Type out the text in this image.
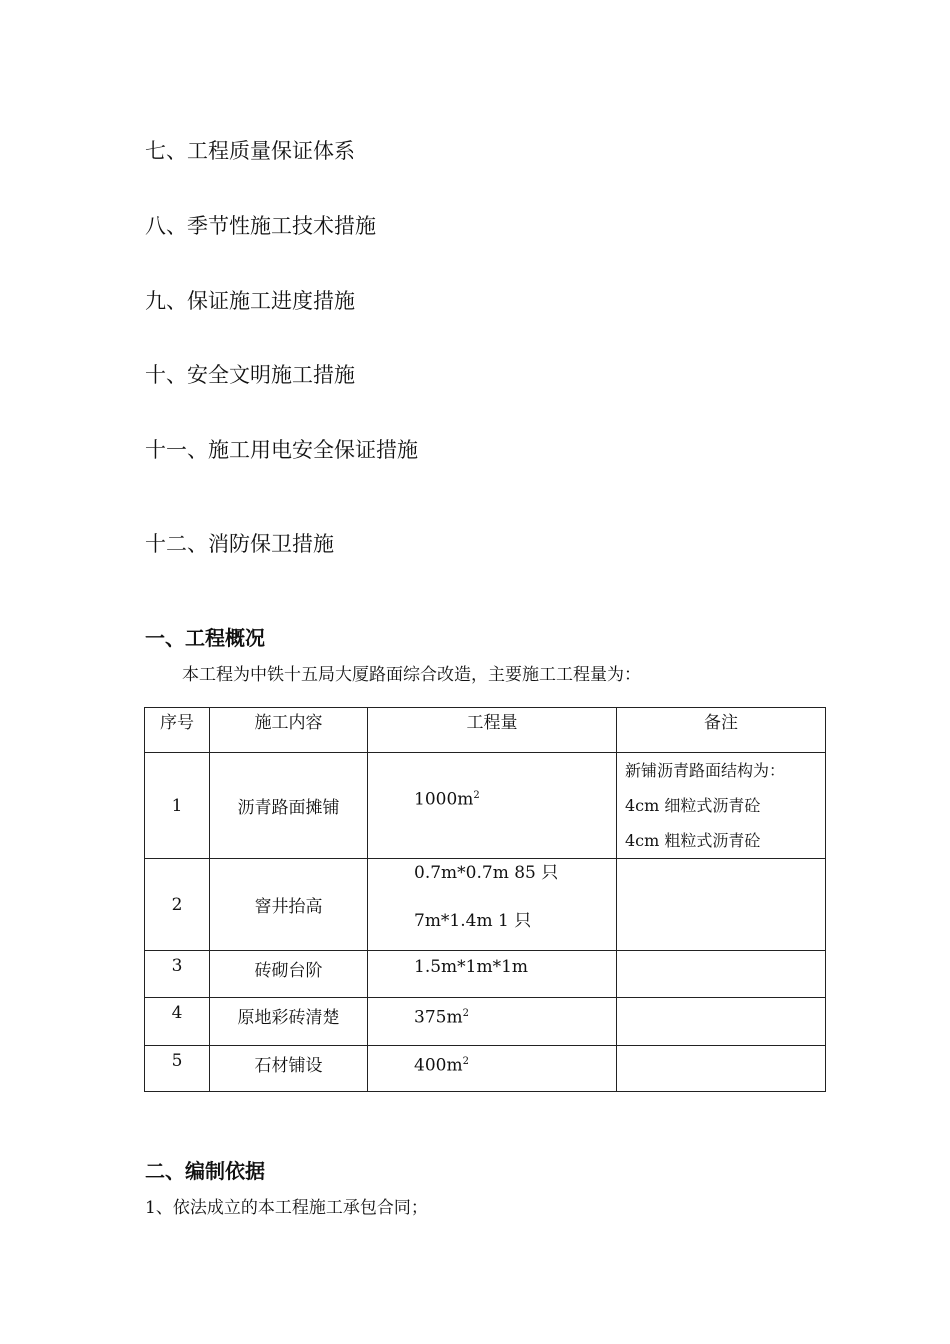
七、工程质量保证体系
八、季节性施工技术措施
九、保证施工进度措施
十、安全文明施工措施
十一、施工用电安全保证措施
十二、消防保卫措施
一、工程概况
本工程为中铁十五局大厦路面综合改造，主要施工工程量为：
序号	施工内容	工程量	备注
1	沥青路面摊铺	$1000m^2$	新铺沥青路面结构为：
4cm 细粒式沥青砼
4cm 粗粒式沥青砼

2	窨井抬高	0.7m*0.7m 85 只
7m*1.4m 1 只	

3	砖砌台阶	1.5m*1m*1m	

4	原地彩砖清楚	$375m^2$

5	石材铺设	$400m^2$

二、编制依据
1、依法成立的本工程施工承包合同；
